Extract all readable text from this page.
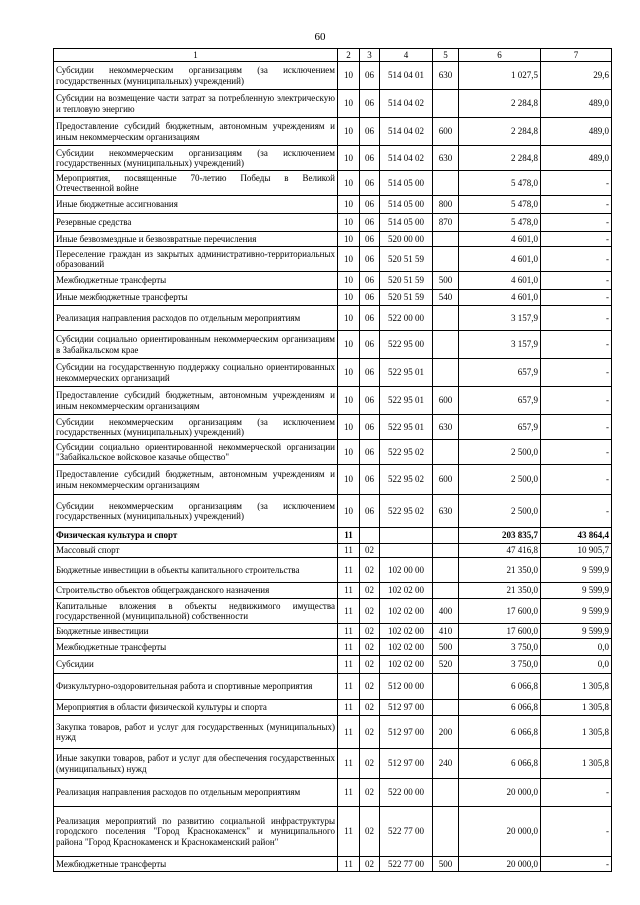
60
1	2	3	4	5	6	7
Субсидии некоммерческим организациям (за исключением государственных (муниципальных) учреждений)	10	06	514 04 01	630	1 027,5	29,6
Субсидии на возмещение части затрат за потребленную электрическую и тепловую энергию	10	06	514 04 02		2 284,8	489,0
Предоставление субсидий бюджетным, автономным учреждениям и иным некоммерческим организациям	10	06	514 04 02	600	2 284,8	489,0
Субсидии некоммерческим организациям (за исключением государственных (муниципальных) учреждений)	10	06	514 04 02	630	2 284,8	489,0
Мероприятия, посвященные 70-летию Победы в Великой Отечественной войне	10	06	514 05 00		5 478,0	-
Иные бюджетные ассигнования	10	06	514 05 00	800	5 478,0	-
Резервные средства	10	06	514 05 00	870	5 478,0	-
Иные безвозмездные и безвозвратные перечисления	10	06	520 00 00		4 601,0	-
Переселение граждан из закрытых административно-территориальных образований	10	06	520 51 59		4 601,0	-
Межбюджетные трансферты	10	06	520 51 59	500	4 601,0	-
Иные межбюджетные трансферты	10	06	520 51 59	540	4 601,0	-
Реализация направления расходов по отдельным мероприятиям	10	06	522 00 00		3 157,9	-
Субсидии социально ориентированным некоммерческим организациям в Забайкальском крае	10	06	522 95 00		3 157,9	-
Субсидии на государственную поддержку социально ориентированных некоммерческих организаций	10	06	522 95 01		657,9	-
Предоставление субсидий бюджетным, автономным учреждениям и иным некоммерческим организациям	10	06	522 95 01	600	657,9	-
Субсидии некоммерческим организациям (за исключением государственных (муниципальных) учреждений)	10	06	522 95 01	630	657,9	-
Субсидии социально ориентированной некоммерческой организации "Забайкальское войсковое казачье общество"	10	06	522 95 02		2 500,0	-
Предоставление субсидий бюджетным, автономным учреждениям и иным некоммерческим организациям	10	06	522 95 02	600	2 500,0	-
Субсидии некоммерческим организациям (за исключением государственных (муниципальных) учреждений)	10	06	522 95 02	630	2 500,0	-
Физическая культура и спорт	11				203 835,7	43 864,4
Массовый спорт	11	02			47 416,8	10 905,7
Бюджетные инвестиции в объекты капитального строительства	11	02	102 00 00		21 350,0	9 599,9
Строительство объектов общегражданского назначения	11	02	102 02 00		21 350,0	9 599,9
Капитальные вложения в объекты недвижимого имущества государственной (муниципальной) собственности	11	02	102 02 00	400	17 600,0	9 599,9
Бюджетные инвестиции	11	02	102 02 00	410	17 600,0	9 599,9
Межбюджетные трансферты	11	02	102 02 00	500	3 750,0	0,0
Субсидии	11	02	102 02 00	520	3 750,0	0,0
Физкультурно-оздоровительная работа и спортивные мероприятия	11	02	512 00 00		6 066,8	1 305,8
Мероприятия в области физической культуры и спорта	11	02	512 97 00		6 066,8	1 305,8
Закупка товаров, работ и услуг для государственных (муниципальных) нужд	11	02	512 97 00	200	6 066,8	1 305,8
Иные закупки товаров, работ и услуг для обеспечения государственных (муниципальных) нужд	11	02	512 97 00	240	6 066,8	1 305,8
Реализация направления расходов по отдельным мероприятиям	11	02	522 00 00		20 000,0	-
Реализация мероприятий по развитию социальной инфраструктуры городского поселения "Город Краснокаменск" и муниципального района "Город Краснокаменск и Краснокаменский район"	11	02	522 77 00		20 000,0	-
Межбюджетные трансферты	11	02	522 77 00	500	20 000,0	-
